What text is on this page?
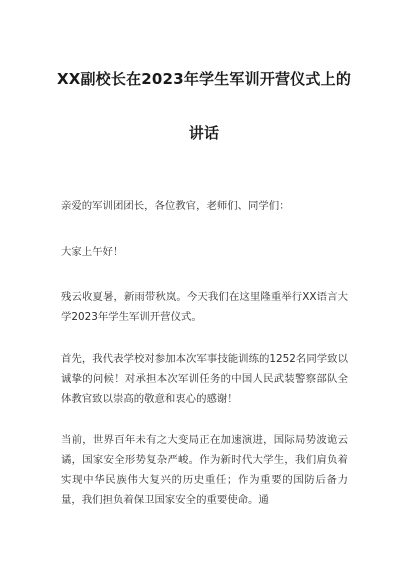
XX副校长在2023年学生军训开营仪式上的
讲话

亲爱的军训团团长，各位教官，老师们、同学们：

大家上午好！

残云收夏暑，新雨带秋岚。今天我们在这里隆重举行XX语言大学2023年学生军训开营仪式。

首先，我代表学校对参加本次军事技能训练的1252名同学致以诚挚的问候！对承担本次军训任务的中国人民武装警察部队全体教官致以崇高的敬意和衷心的感谢！

当前，世界百年未有之大变局正在加速演进，国际局势波诡云谲，国家安全形势复杂严峻。作为新时代大学生，我们肩负着实现中华民族伟大复兴的历史重任；作为重要的国防后备力量，我们担负着保卫国家安全的重要使命。通
